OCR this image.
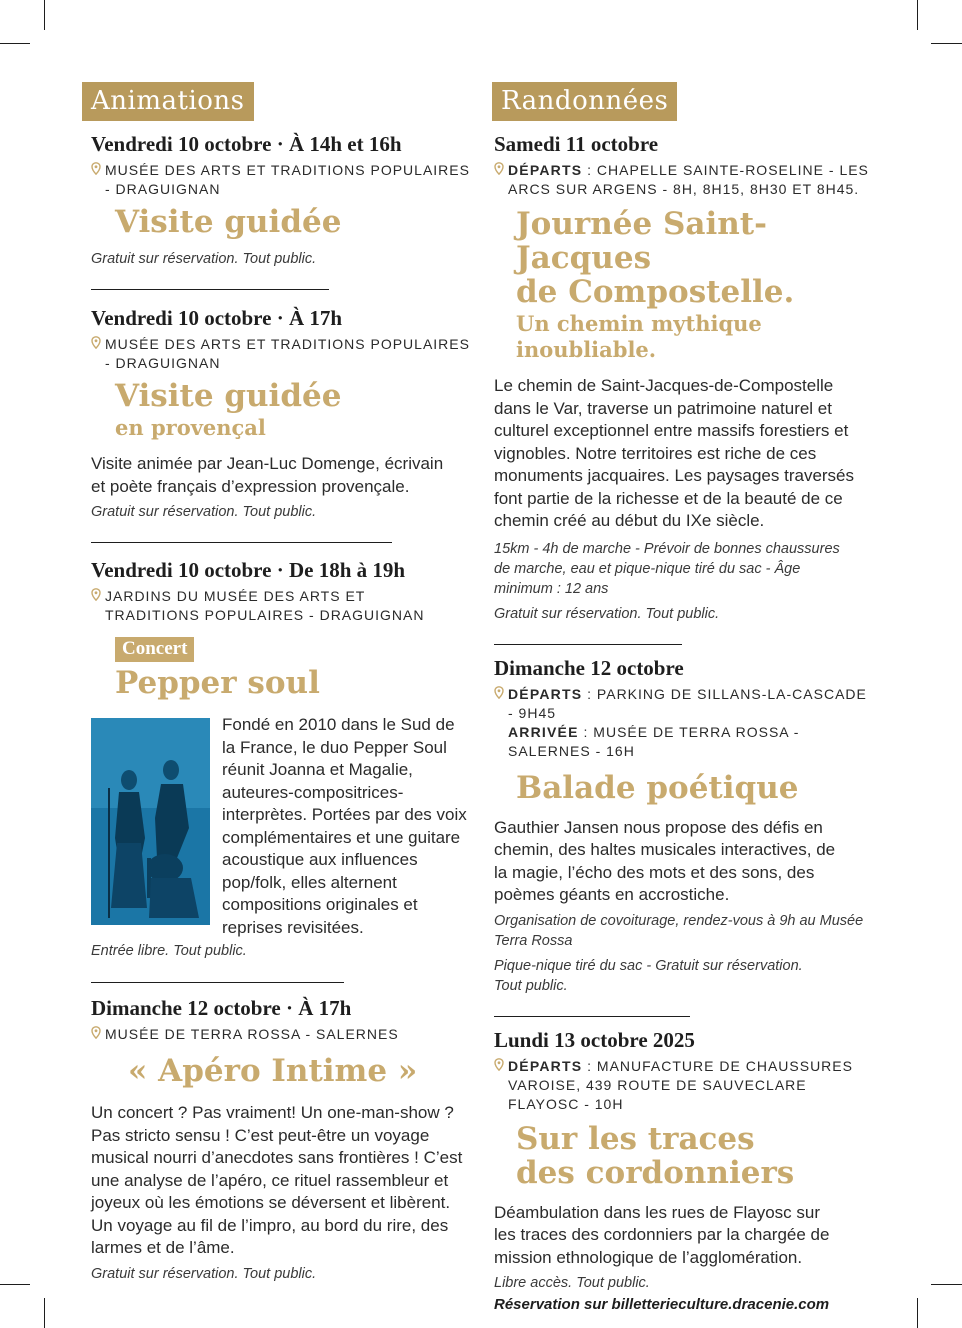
Animations
Vendredi 10 octobre · À 14h et 16h
MUSÉE DES ARTS ET TRADITIONS POPULAIRES - DRAGUIGNAN
Visite guidée
Gratuit sur réservation. Tout public.
Vendredi 10 octobre · À 17h
MUSÉE DES ARTS ET TRADITIONS POPULAIRES - DRAGUIGNAN
Visite guidée
en provençal
Visite animée par Jean-Luc Domenge, écrivain et poète français d’expression provençale.
Gratuit sur réservation. Tout public.
Vendredi 10 octobre · De 18h à 19h
JARDINS DU MUSÉE DES ARTS ET TRADITIONS POPULAIRES - DRAGUIGNAN
Concert
Pepper soul
Fondé en 2010 dans le Sud de la France, le duo Pepper Soul réunit Joanna et Magalie, auteures-compositrices-interprètes. Portées par des voix complémentaires et une guitare acoustique aux influences pop/folk, elles alternent compositions originales et reprises revisitées.
Entrée libre. Tout public.
Dimanche 12 octobre · À 17h
MUSÉE DE TERRA ROSSA - SALERNES
« Apéro Intime »
Un concert ? Pas vraiment! Un one-man-show ? Pas stricto sensu ! C’est peut-être un voyage musical nourri d’anecdotes sans frontières ! C’est une analyse de l’apéro, ce rituel rassembleur et joyeux où les émotions se déversent et libèrent. Un voyage au fil de l’impro, au bord du rire, des larmes et de l’âme.
Gratuit sur réservation. Tout public.
Randonnées
Samedi 11 octobre
DÉPARTS : CHAPELLE SAINTE-ROSELINE - LES ARCS SUR ARGENS - 8H, 8H15, 8H30 ET 8H45.
Journée Saint-Jacques
de Compostelle.
Un chemin mythique inoubliable.
Le chemin de Saint-Jacques-de-Compostelle dans le Var, traverse un patrimoine naturel et culturel exceptionnel entre massifs forestiers et vignobles. Notre territoires est riche de ces monuments jacquaires. Les paysages traversés font partie de la richesse et de la beauté de ce chemin créé au début du IXe siècle.
15km - 4h de marche - Prévoir de bonnes chaussures de marche, eau et pique-nique tiré du sac - Âge minimum : 12 ans
Gratuit sur réservation. Tout public.
Dimanche 12 octobre
DÉPARTS : PARKING DE SILLANS-LA-CASCADE - 9H45
ARRIVÉE : MUSÉE DE TERRA ROSSA - SALERNES - 16H
Balade poétique
Gauthier Jansen nous propose des défis en chemin, des haltes musicales interactives, de la magie, l’écho des mots et des sons, des poèmes géants en accrostiche.
Organisation de covoiturage, rendez-vous à 9h au Musée Terra Rossa
Pique-nique tiré du sac - Gratuit sur réservation. Tout public.
Lundi 13 octobre 2025
DÉPARTS : MANUFACTURE DE CHAUSSURES VAROISE, 439 ROUTE DE SAUVECLARE FLAYOSC - 10H
Sur les traces
des cordonniers
Déambulation dans les rues de Flayosc sur les traces des cordonniers par la chargée de mission ethnologique de l’agglomération.
Libre accès. Tout public.
Réservation sur billetterieculture.dracenie.com
